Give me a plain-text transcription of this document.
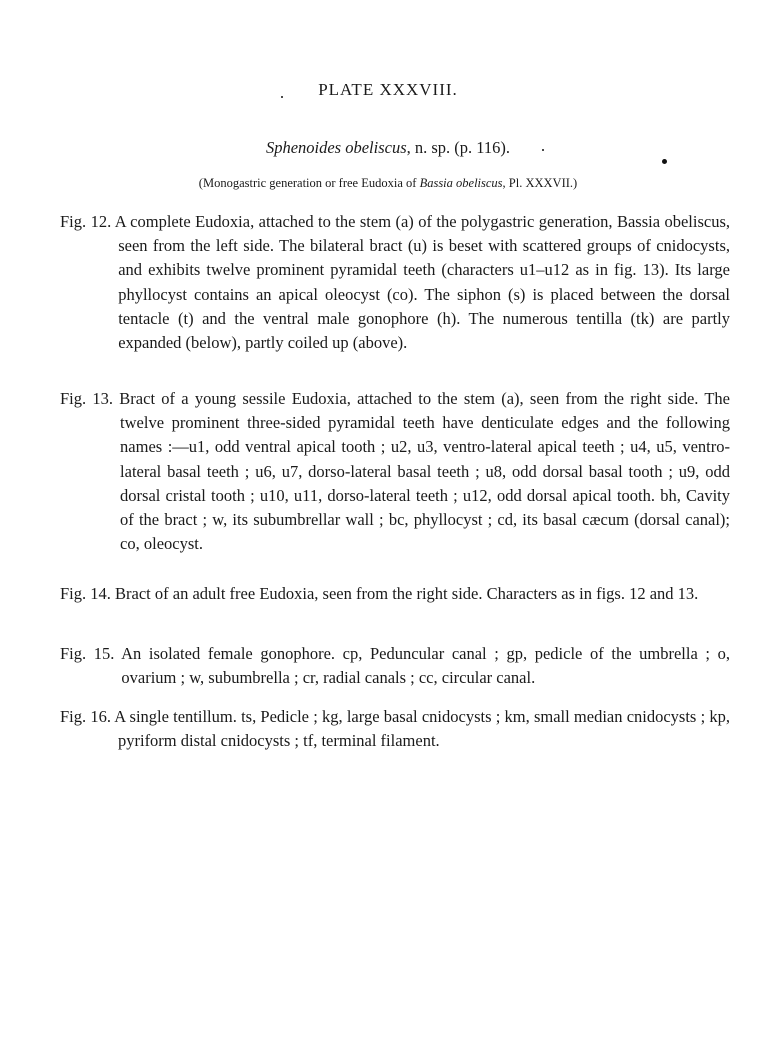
PLATE XXXVIII.
Sphenoides obeliscus, n. sp. (p. 116).
(Monogastric generation or free Eudoxia of Bassia obeliscus, Pl. XXXVII.)
Fig. 12. A complete Eudoxia, attached to the stem (a) of the polygastric generation, Bassia obeliscus, seen from the left side. The bilateral bract (u) is beset with scattered groups of cnidocysts, and exhibits twelve prominent pyramidal teeth (characters u1–u12 as in fig. 13). Its large phyllocyst contains an apical oleocyst (co). The siphon (s) is placed between the dorsal tentacle (t) and the ventral male gonophore (h). The numerous tentilla (tk) are partly expanded (below), partly coiled up (above).
Fig. 13. Bract of a young sessile Eudoxia, attached to the stem (a), seen from the right side. The twelve prominent three-sided pyramidal teeth have denticulate edges and the following names :—u1, odd ventral apical tooth ; u2, u3, ventro-lateral apical teeth ; u4, u5, ventro-lateral basal teeth ; u6, u7, dorso-lateral basal teeth ; u8, odd dorsal basal tooth ; u9, odd dorsal cristal tooth ; u10, u11, dorso-lateral teeth ; u12, odd dorsal apical tooth. bh, Cavity of the bract ; w, its subumbrellar wall ; bc, phyllocyst ; cd, its basal cæcum (dorsal canal); co, oleocyst.
Fig. 14. Bract of an adult free Eudoxia, seen from the right side. Characters as in figs. 12 and 13.
Fig. 15. An isolated female gonophore. cp, Peduncular canal ; gp, pedicle of the umbrella ; o, ovarium ; w, subumbrella ; cr, radial canals ; cc, circular canal.
Fig. 16. A single tentillum. ts, Pedicle ; kg, large basal cnidocysts ; km, small median cnidocysts ; kp, pyriform distal cnidocysts ; tf, terminal filament.
